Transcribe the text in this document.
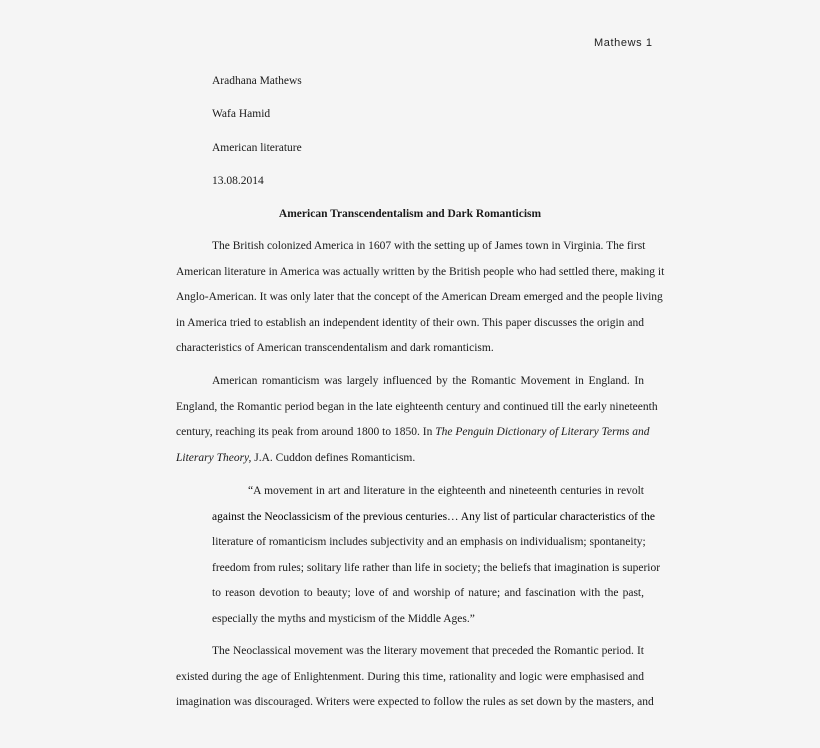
Mathews 1
Aradhana Mathews
Wafa Hamid
American literature
13.08.2014
American Transcendentalism and Dark Romanticism
The British colonized America in 1607 with the setting up of James town in Virginia. The first
American literature in America was actually written by the British people who had settled there, making it
Anglo-American. It was only later that the concept of the American Dream emerged and the people living
in America tried to establish an independent identity of their own. This paper discusses the origin and
characteristics of American transcendentalism and dark romanticism.
American romanticism was largely influenced by the Romantic Movement in England. In
England, the Romantic period began in the late eighteenth century and continued till the early nineteenth
century, reaching its peak from around 1800 to 1850. In The Penguin Dictionary of Literary Terms and
Literary Theory, J.A. Cuddon defines Romanticism.
“A movement in art and literature in the eighteenth and nineteenth centuries in revolt
against the Neoclassicism of the previous centuries… Any list of particular characteristics of the
literature of romanticism includes subjectivity and an emphasis on individualism; spontaneity;
freedom from rules; solitary life rather than life in society; the beliefs that imagination is superior
to reason devotion to beauty; love of and worship of nature; and fascination with the past,
especially the myths and mysticism of the Middle Ages.”
The Neoclassical movement was the literary movement that preceded the Romantic period. It
existed during the age of Enlightenment. During this time, rationality and logic were emphasised and
imagination was discouraged. Writers were expected to follow the rules as set down by the masters, and
